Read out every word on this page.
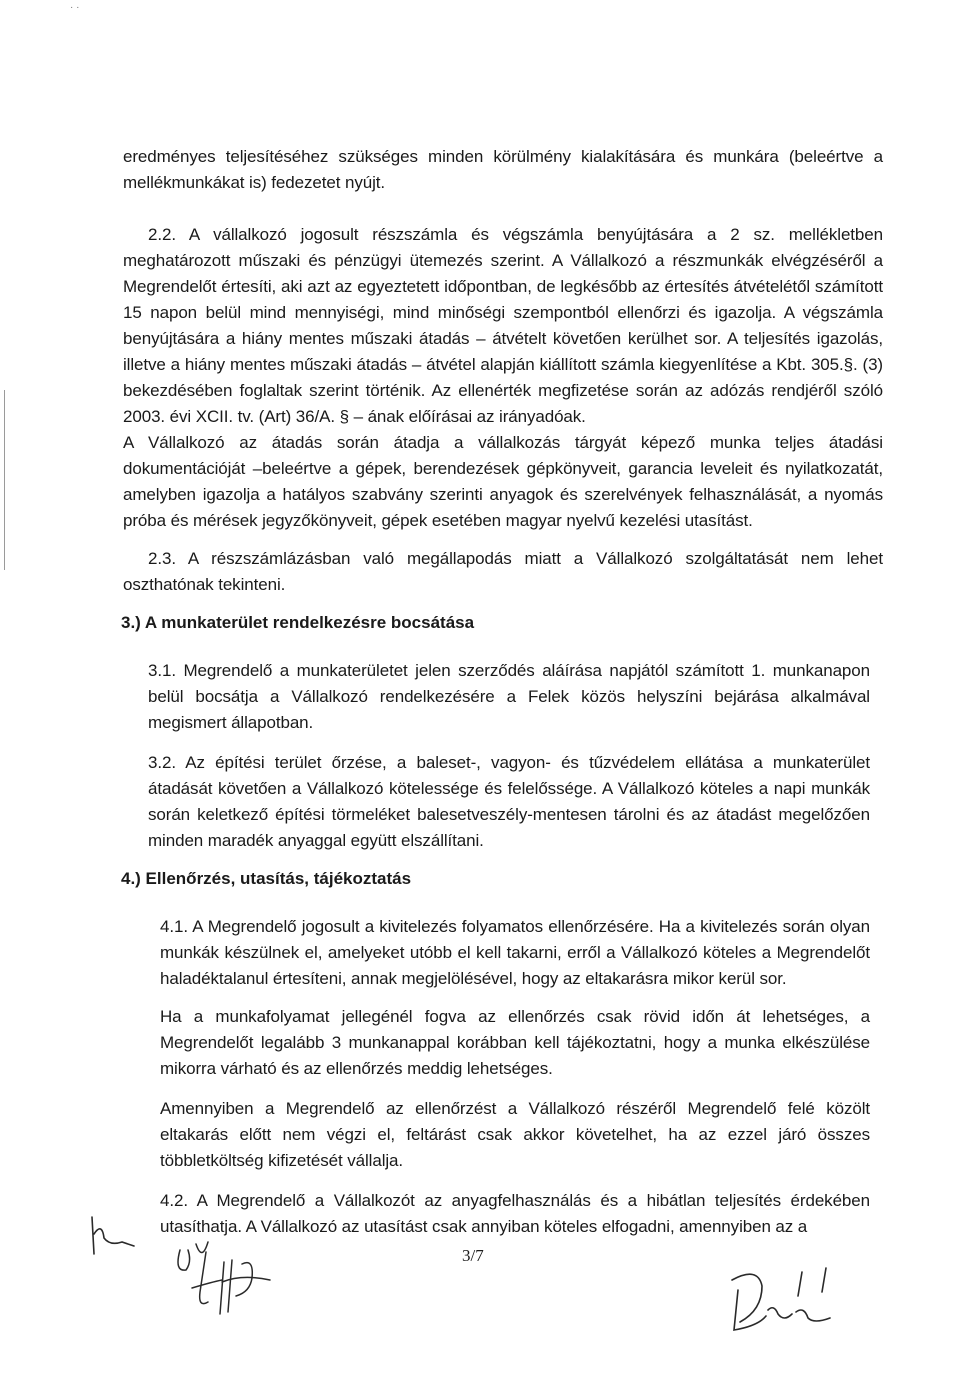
· ·

eredményes teljesítéséhez szükséges minden körülmény kialakítására és munkára (beleértve a mellékmunkákat is) fedezetet nyújt.

2.2. A vállalkozó jogosult részszámla és végszámla benyújtására a 2 sz. mellékletben meghatározott műszaki és pénzügyi ütemezés szerint. A Vállalkozó a részmunkák elvégzéséről a Megrendelőt értesíti, aki azt az egyeztetett időpontban, de legkésőbb az értesítés átvételétől számított 15 napon belül mind mennyiségi, mind minőségi szempontból ellenőrzi és igazolja. A végszámla benyújtására a hiány mentes műszaki átadás – átvételt követően kerülhet sor. A teljesítés igazolás, illetve a hiány mentes műszaki átadás – átvétel alapján kiállított számla kiegyenlítése a Kbt. 305.§. (3) bekezdésében foglaltak szerint történik. Az ellenérték megfizetése során az adózás rendjéről szóló 2003. évi XCII. tv. (Art) 36/A. § – ának előírásai az irányadóak.

A Vállalkozó az átadás során átadja a vállalkozás tárgyát képező munka teljes átadási dokumentációját –beleértve a gépek, berendezések gépkönyveit, garancia leveleit és nyilatkozatát, amelyben igazolja a hatályos szabvány szerinti anyagok és szerelvények felhasználását, a nyomás próba és mérések jegyzőkönyveit, gépek esetében magyar nyelvű kezelési utasítást.

2.3. A részszámlázásban való megállapodás miatt a Vállalkozó szolgáltatását nem lehet oszthatónak tekinteni.

3.) A munkaterület rendelkezésre bocsátása

3.1. Megrendelő a munkaterületet jelen szerződés aláírása napjától számított 1. munkanapon belül bocsátja a Vállalkozó rendelkezésére a Felek közös helyszíni bejárása alkalmával megismert állapotban.

3.2. Az építési terület őrzése, a baleset-, vagyon- és tűzvédelem ellátása a munkaterület átadását követően a Vállalkozó kötelessége és felelőssége. A Vállalkozó köteles a napi munkák során keletkező építési törmeléket balesetveszély-mentesen tárolni és az átadást megelőzően minden maradék anyaggal együtt elszállítani.

4.) Ellenőrzés, utasítás, tájékoztatás

4.1. A Megrendelő jogosult a kivitelezés folyamatos ellenőrzésére. Ha a kivitelezés során olyan munkák készülnek el, amelyeket utóbb el kell takarni, erről a Vállalkozó köteles a Megrendelőt haladéktalanul értesíteni, annak megjelölésével, hogy az eltakarásra mikor kerül sor.

Ha a munkafolyamat jellegénél fogva az ellenőrzés csak rövid időn át lehetséges, a Megrendelőt legalább 3 munkanappal korábban kell tájékoztatni, hogy a munka elkészülése mikorra várható és az ellenőrzés meddig lehetséges.

Amennyiben a Megrendelő az ellenőrzést a Vállalkozó részéről Megrendelő felé közölt eltakarás előtt nem végzi el, feltárást csak akkor követelhet, ha az ezzel járó összes többletköltség kifizetését vállalja.

4.2. A Megrendelő a Vállalkozót az anyagfelhasználás és a hibátlan teljesítés érdekében utasíthatja. A Vállalkozó az utasítást csak annyiban köteles elfogadni, amennyiben az a

3/7
